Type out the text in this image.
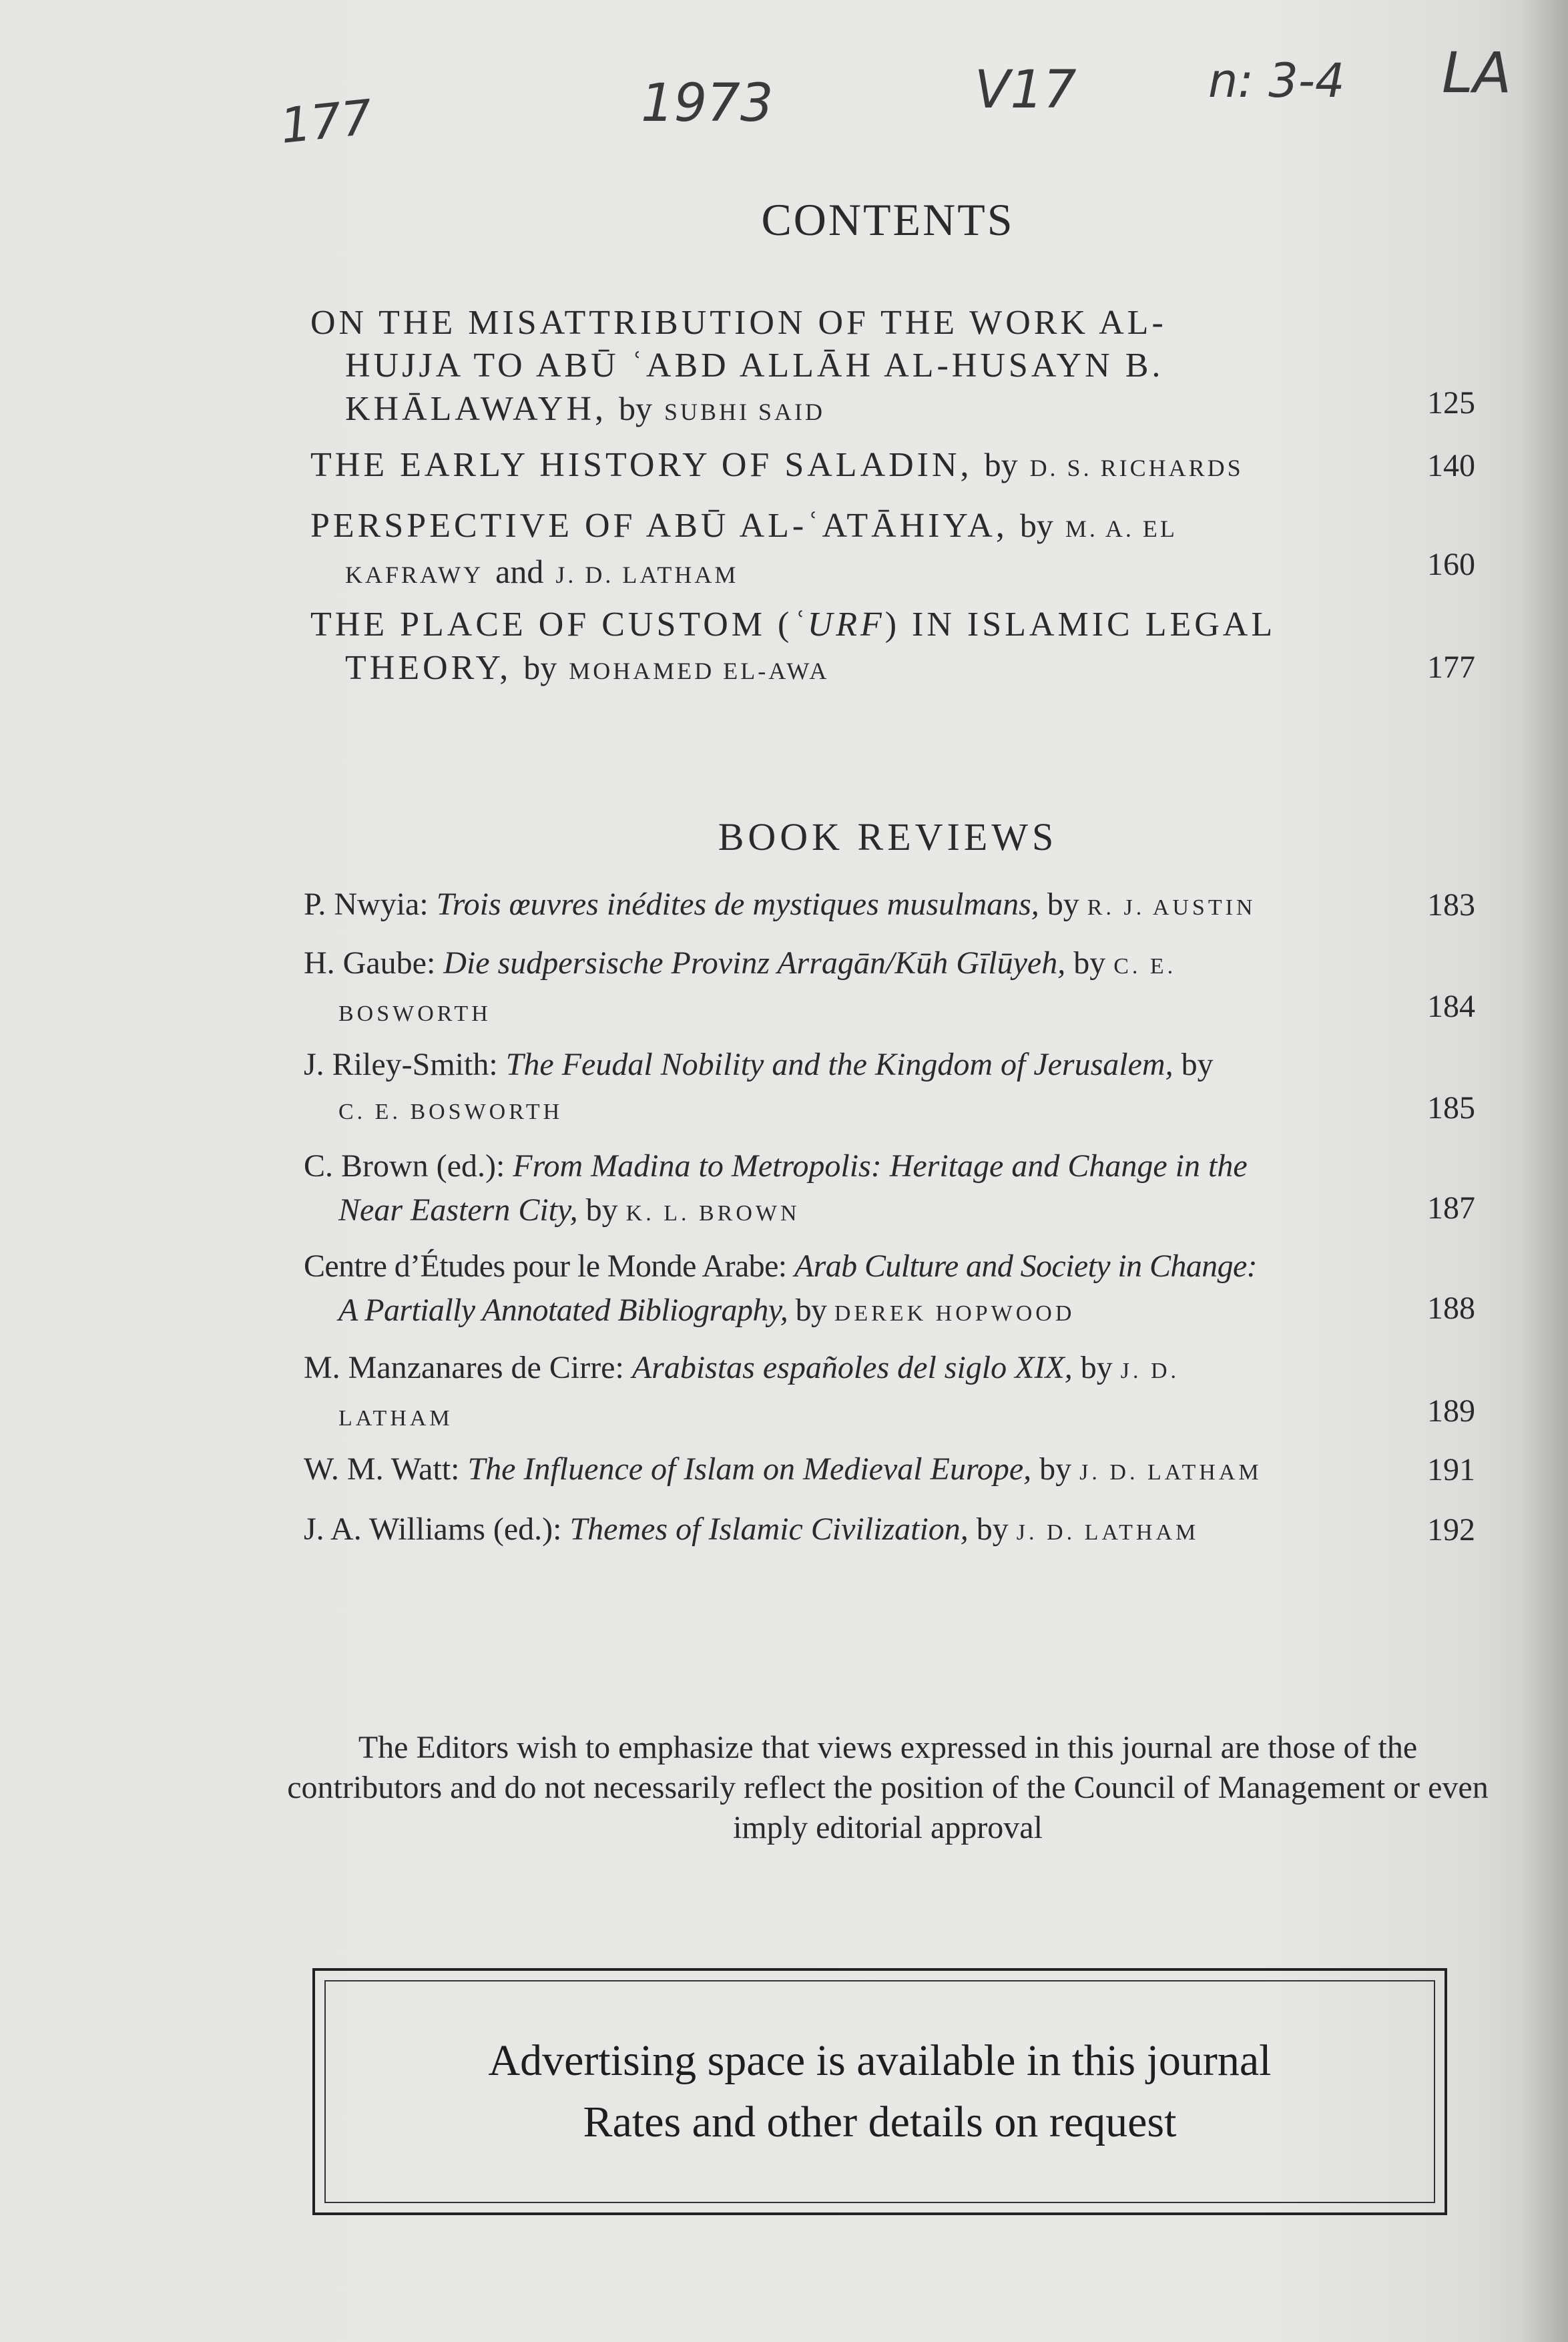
177	1973	V17	n: 3-4 LA
CONTENTS
ON THE MISATTRIBUTION OF THE WORK AL-
HUJJA TO ABŪ ʿABD ALLĀH AL-HUSAYN B.
KHĀLAWAYH, by SUBHI SAID	125
THE EARLY HISTORY OF SALADIN, by D. S. RICHARDS	140
PERSPECTIVE OF ABŪ AL-ʿATĀHIYA, by M. A. EL
KAFRAWY and J. D. LATHAM	160
THE PLACE OF CUSTOM (ʿURF) IN ISLAMIC LEGAL
THEORY, by MOHAMED EL-AWA	177
BOOK REVIEWS
P. Nwyia: Trois œuvres inédites de mystiques musulmans, by R. J. AUSTIN	183
H. Gaube: Die sudpersische Provinz Arragān/Kūh Gīlūyeh, by C. E.
BOSWORTH	184
J. Riley-Smith: The Feudal Nobility and the Kingdom of Jerusalem, by
C. E. BOSWORTH	185
C. Brown (ed.): From Madina to Metropolis: Heritage and Change in the
Near Eastern City, by K. L. BROWN	187
Centre d’Études pour le Monde Arabe: Arab Culture and Society in Change:
A Partially Annotated Bibliography, by DEREK HOPWOOD	188
M. Manzanares de Cirre: Arabistas españoles del siglo XIX, by J. D.
LATHAM	189
W. M. Watt: The Influence of Islam on Medieval Europe, by J. D. LATHAM	191
J. A. Williams (ed.): Themes of Islamic Civilization, by J. D. LATHAM	192
The Editors wish to emphasize that views expressed in this journal are those of the contributors and do not necessarily reflect the position of the Council of Management or even imply editorial approval
Advertising space is available in this journal
Rates and other details on request
